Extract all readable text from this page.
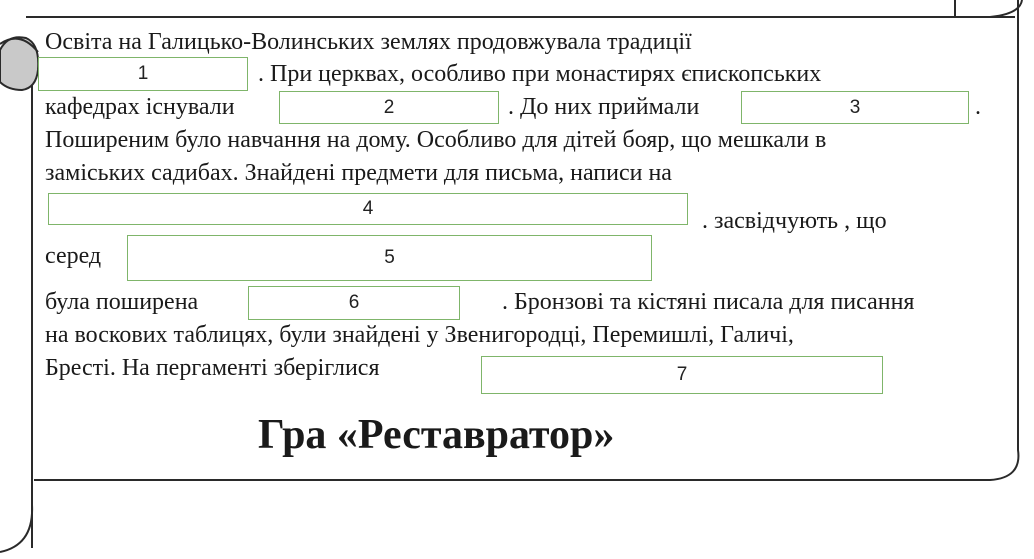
Освіта на Галицько-Волинських землях продовжувала традиції
1	. При церквах, особливо при монастирях єпископських
кафедрах існували	2	. До них приймали	3	.
Поширеним було навчання на дому. Особливо для дітей бояр, що мешкали в
заміських садибах. Знайдені предмети для письма, написи на
4	. засвідчують , що
серед	5
була поширена	6	. Бронзові та кістяні писала для писання
на воскових таблицях, були знайдені у Звенигородці, Перемишлі, Галичі,
Бресті. На пергаменті зберіглися	7
Гра «Реставратор»
